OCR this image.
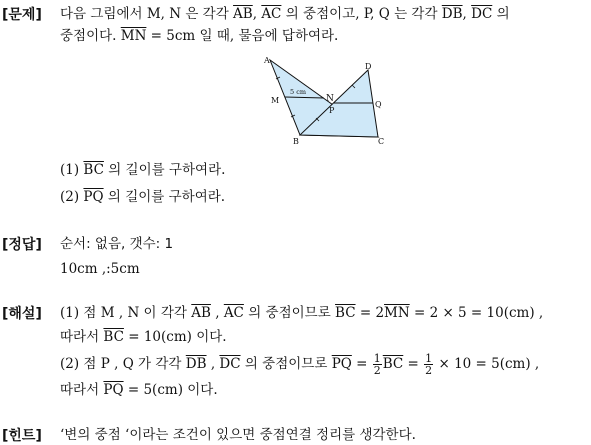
[문제] 다음 그림에서 M, N 은 각각 $\overline{AB}$, $\overline{AC}$ 의 중점이고, P, Q 는 각각 $\overline{DB}$, $\overline{DC}$ 의
중점이다. $\overline{MN} = 5cm$ 일 때, 물음에 답하여라.
A
B	C
D
M	N
P
Q
5 cm
(1) $\overline{BC}$ 의 길이를 구하여라.
(2) $\overline{PQ}$ 의 길이를 구하여라.
[정답] 순서: 없음, 갯수: 1
10cm ,:5cm
[해설] (1) 점 M , N 이 각각 $\overline{AB}$ , $\overline{AC}$ 의 중점이므로 $\overline{BC} = 2\overline{MN} = 2 \times 5 = 10(cm)$ ,
따라서 $\overline{BC} = 10(cm)$ 이다.
(2) 점 P , Q 가 각각 $\overline{DB}$ , $\overline{DC}$ 의 중점이므로 $\overline{PQ} = \frac{1}{2} \overline{BC} = \frac{1}{2} \times 10 = 5(cm)$ ,
따라서 $\overline{PQ} = 5(cm)$ 이다.
[힌트] ‘변의 중점 ‘이라는 조건이 있으면 중점연결 정리를 생각한다.
